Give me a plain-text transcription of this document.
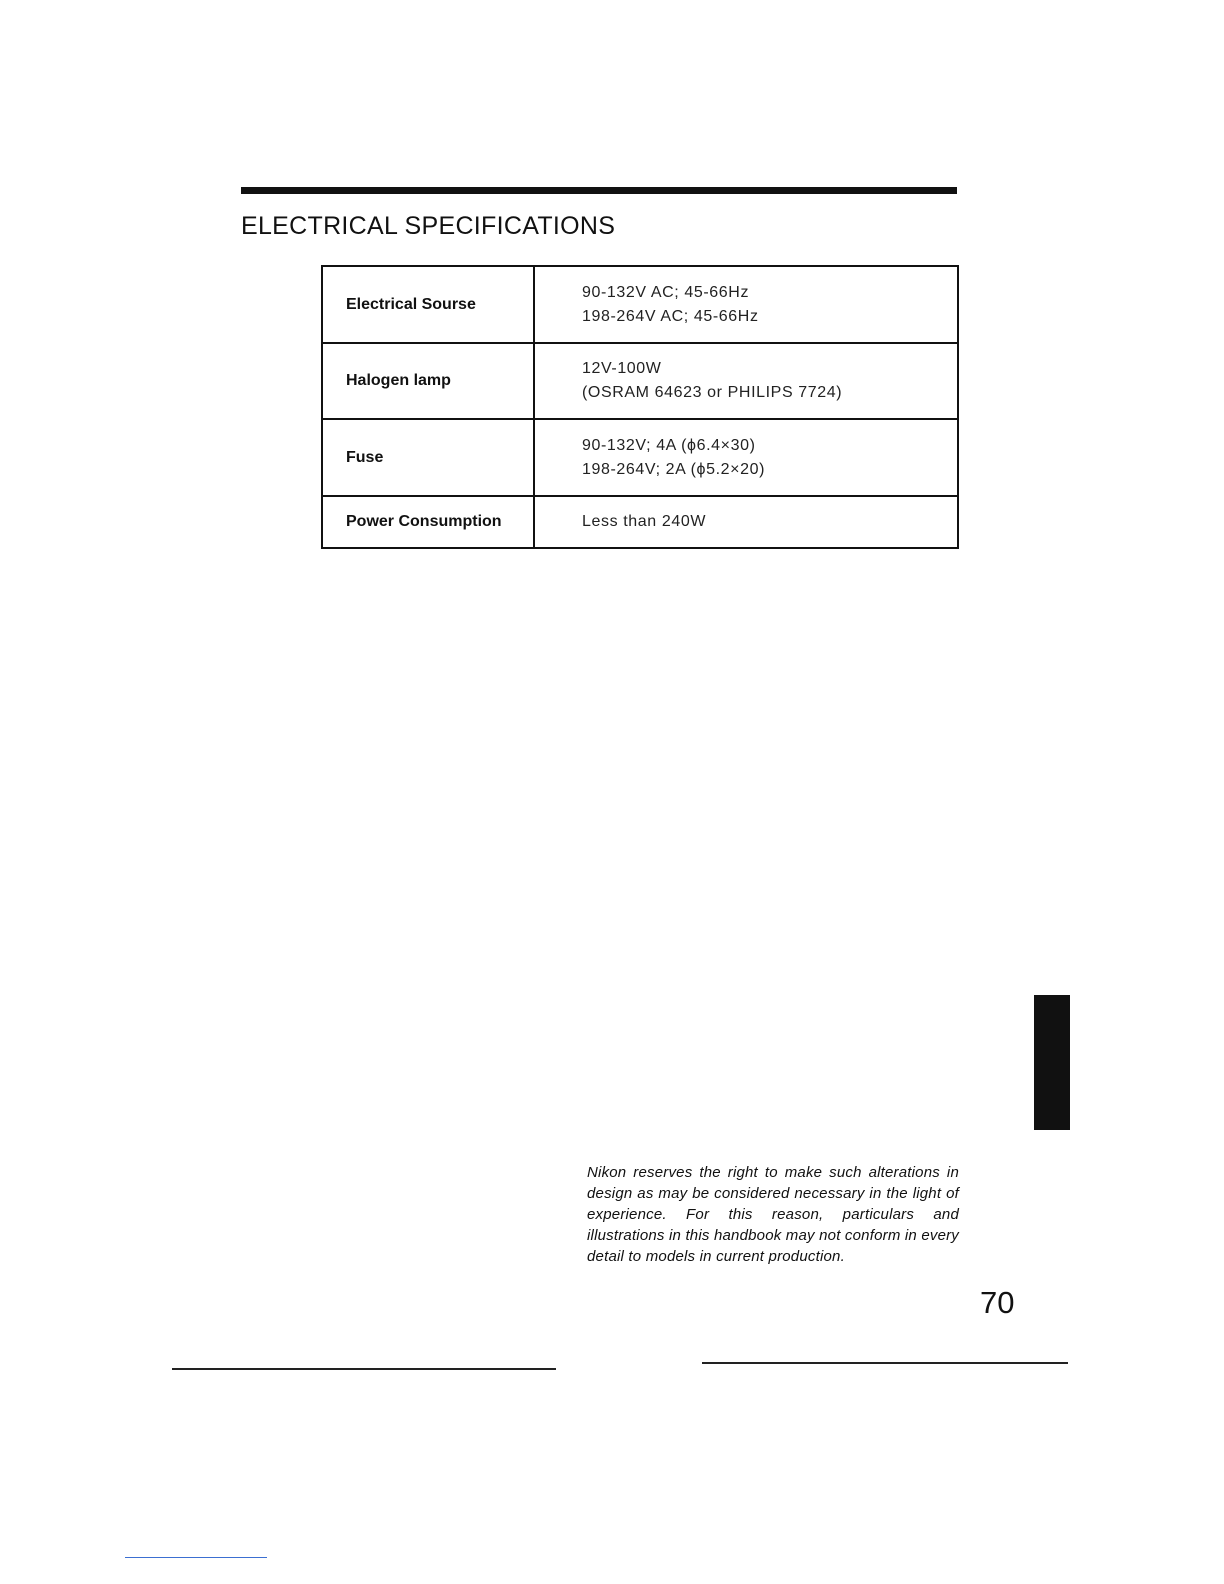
ELECTRICAL SPECIFICATIONS
Electrical Sourse	90-132V AC; 45-66Hz
198-264V AC; 45-66Hz

Halogen lamp	12V-100W
(OSRAM 64623 or PHILIPS 7724)

Fuse	90-132V; 4A (ϕ6.4×30)
198-264V; 2A (ϕ5.2×20)

Power Consumption	Less than 240W

Nikon reserves the right to make such alterations in design as may be considered necessary in the light of experience. For this reason, particulars and illustrations in this handbook may not conform in every detail to models in current production.

70
